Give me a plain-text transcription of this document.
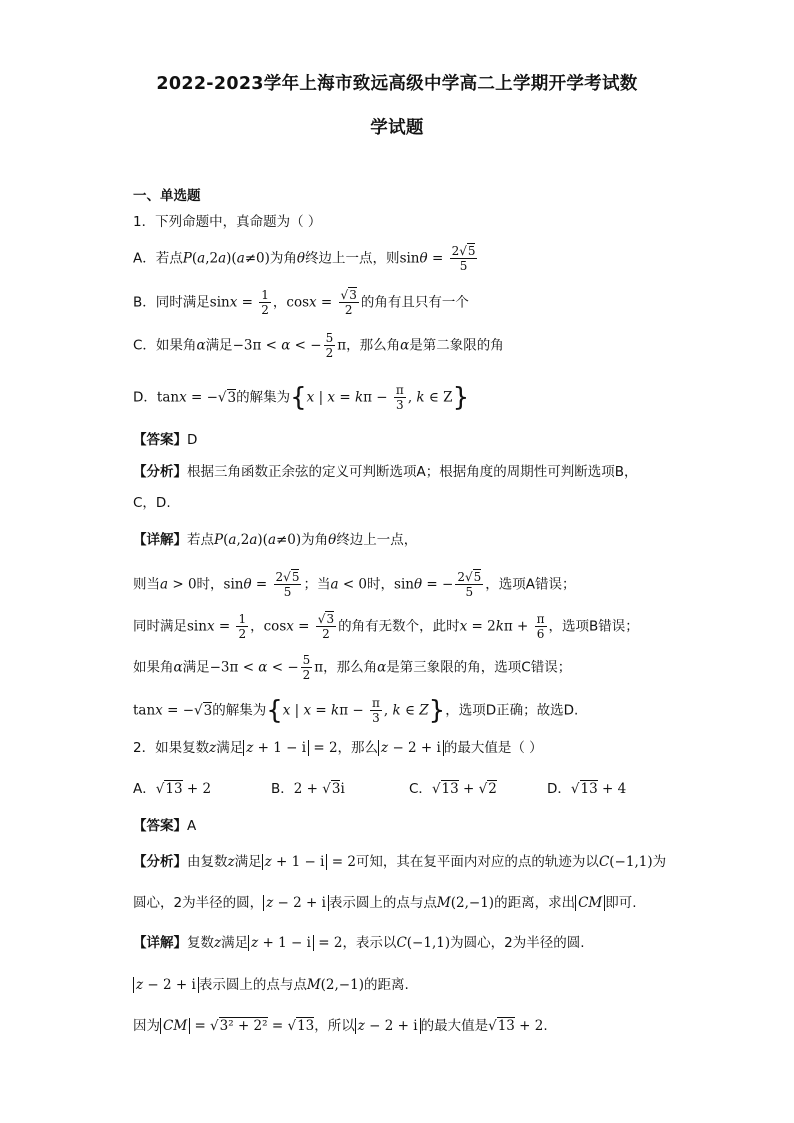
2022-2023学年上海市致远高级中学高二上学期开学考试数
学试题
一、单选题
1．下列命题中，真命题为（ ）
A．若点P(a,2a)(a≠0)为角θ终边上一点，则$\sin\theta = \frac{2√5}{5}$
B．同时满足$\sin x = \frac{1}{2}$ ，$\cos x = \frac{√3}{2}$ 的角有且只有一个
C．如果角α满足−3π < α < − $\frac{5}{2}$ π，那么角α是第二象限的角
D．tanx = −√3的解集为{x | $x = k\pi - \frac{\pi}{3}$ , k ∈ Z}
【答案】D
【分析】根据三角函数正余弦的定义可判断选项A；根据角度的周期性可判断选项B，
C，D.
【详解】若点P(a,2a)(a≠0)为角θ终边上一点，
则当a > 0时，$\sin\theta = \frac{2√5}{5}$ ；当a < 0时，sinθ = − $\frac{2√5}{5}$ ，选项A错误；
同时满足$\sin x = \frac{1}{2}$ ，$\cos x = \frac{√3}{2}$ 的角有无数个，此时$x = 2k\pi + \frac{\pi}{6}$ ，选项B错误；
如果角α满足−3π < α < − $\frac{5}{2}$ π，那么角α是第三象限的角，选项C错误；
tanx = −√3的解集为{x | $x = k\pi - \frac{\pi}{3}$ , k ∈ Z}，选项D正确；故选D.
2．如果复数z满足 z + 1 − i = 2，那么 z − 2 + i 的最大值是（ ）
A．√13 + 2	B．2 + √3i	C．√13 + √2	D．√13 + 4
【答案】A
【分析】由复数z满足 z + 1 − i = 2可知，其在复平面内对应的点的轨迹为以C(−1,1)为
圆心，2为半径的圆， z − 2 + i 表示圆上的点与点M(2,−1)的距离，求出 CM 即可.
【详解】复数z满足 z + 1 − i = 2，表示以C(−1,1)为圆心，2为半径的圆.
z − 2 + i 表示圆上的点与点M(2,−1)的距离.
因为 CM = √3² + 2² = √13，所以 z − 2 + i 的最大值是√13 + 2.
